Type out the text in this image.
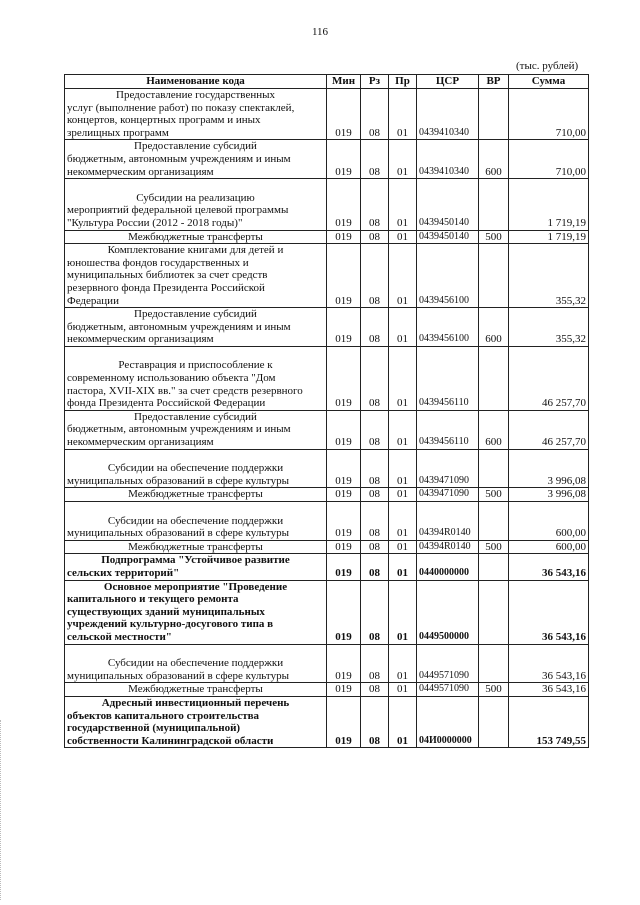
116
(тыс. рублей)
Наименование кода	Мин	Рз	Пр	ЦСР	ВР	Сумма

Предоставление государственных
услуг (выполнение работ) по показу спектаклей,
концертов, концертных программ и иных
зрелищных программ	019	08	01	0439410340		710,00

Предоставление субсидий
бюджетным, автономным учреждениям и иным
некоммерческим организациям	019	08	01	0439410340	600	710,00

Субсидии на реализацию
мероприятий федеральной целевой программы
"Культура России (2012 - 2018 годы)"	019	08	01	0439450140		1 719,19

Межбюджетные трансферты	019	08	01	0439450140	500	1 719,19

Комплектование книгами для детей и
юношества фондов государственных и
муниципальных библиотек за счет средств
резервного фонда Президента Российской
Федерации	019	08	01	0439456100		355,32

Предоставление субсидий
бюджетным, автономным учреждениям и иным
некоммерческим организациям	019	08	01	0439456100	600	355,32

Реставрация и приспособление к
современному использованию объекта "Дом
пастора, XVII-XIX вв." за счет средств резервного
фонда Президента Российской Федерации	019	08	01	0439456110		46 257,70

Предоставление субсидий
бюджетным, автономным учреждениям и иным
некоммерческим организациям	019	08	01	0439456110	600	46 257,70

Субсидии на обеспечение поддержки
муниципальных образований в сфере культуры	019	08	01	0439471090		3 996,08

Межбюджетные трансферты	019	08	01	0439471090	500	3 996,08

Субсидии на обеспечение поддержки
муниципальных образований в сфере культуры	019	08	01	04394R0140		600,00

Межбюджетные трансферты	019	08	01	04394R0140	500	600,00

Подпрограмма "Устойчивое развитие
сельских территорий"	019	08	01	0440000000		36 543,16

Основное мероприятие "Проведение
капитального и текущего ремонта
существующих зданий муниципальных
учреждений культурно-досугового типа в
сельской местности"	019	08	01	0449500000		36 543,16

Субсидии на обеспечение поддержки
муниципальных образований в сфере культуры	019	08	01	0449571090		36 543,16

Межбюджетные трансферты	019	08	01	0449571090	500	36 543,16

Адресный инвестиционный перечень
объектов капитального строительства
государственной (муниципальной)
собственности Калининградской области	019	08	01	04И0000000		153 749,55
